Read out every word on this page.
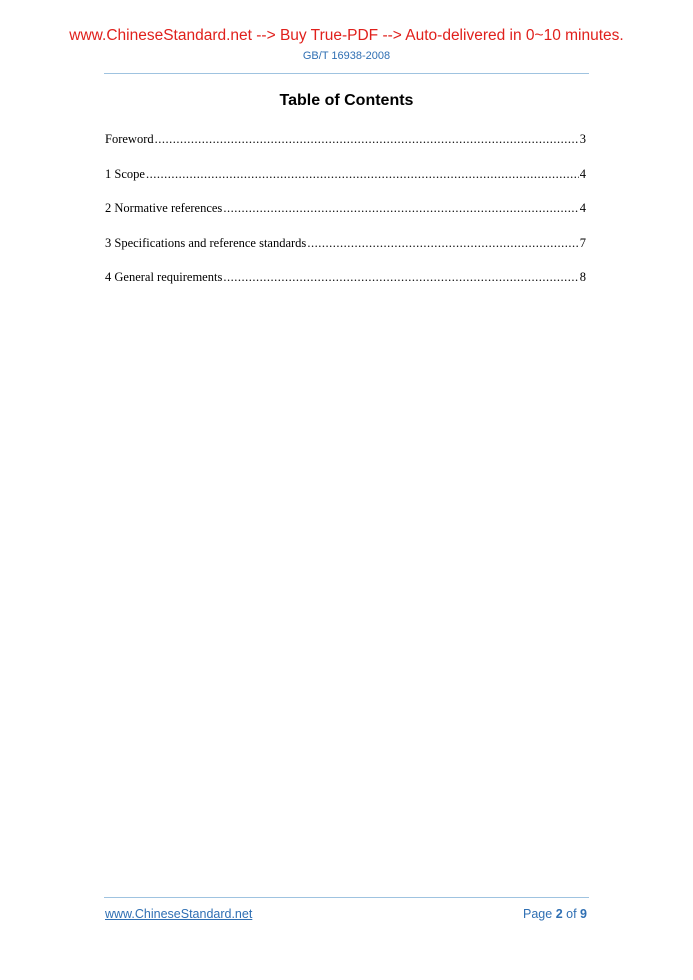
www.ChineseStandard.net --> Buy True-PDF --> Auto-delivered in 0~10 minutes.
GB/T 16938-2008
Table of Contents
Foreword .....	3
1 Scope .....	4
2 Normative references .....	4
3 Specifications and reference standards .....	7
4 General requirements .....	8
www.ChineseStandard.net	Page 2 of 9
